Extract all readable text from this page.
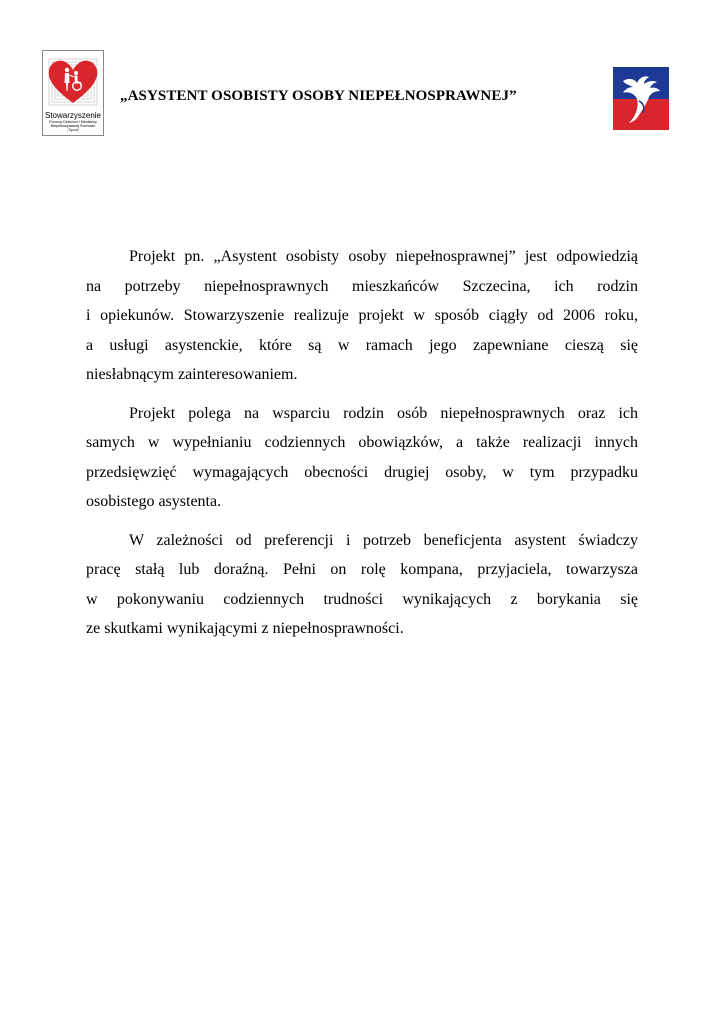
Stowarzyszenie
Pomocy Dzieciom i Młodzieży Niepełnosprawnej Ruchowo „Tęcza”
„ASYSTENT OSOBISTY OSOBY NIEPEŁNOSPRAWNEJ”
Projekt pn. „Asystent osobisty osoby niepełnosprawnej” jest odpowiedzią
na potrzeby niepełnosprawnych mieszkańców Szczecina, ich rodzin
i opiekunów. Stowarzyszenie realizuje projekt w sposób ciągły od 2006 roku,
a usługi asystenckie, które są w ramach jego zapewniane cieszą się
niesłabnącym zainteresowaniem.
Projekt polega na wsparciu rodzin osób niepełnosprawnych oraz ich
samych w wypełnianiu codziennych obowiązków, a także realizacji innych
przedsięwzięć wymagających obecności drugiej osoby, w tym przypadku
osobistego asystenta.
W zależności od preferencji i potrzeb beneficjenta asystent świadczy
pracę stałą lub doraźną. Pełni on rolę kompana, przyjaciela, towarzysza
w pokonywaniu codziennych trudności wynikających z borykania się
ze skutkami wynikającymi z niepełnosprawności.
